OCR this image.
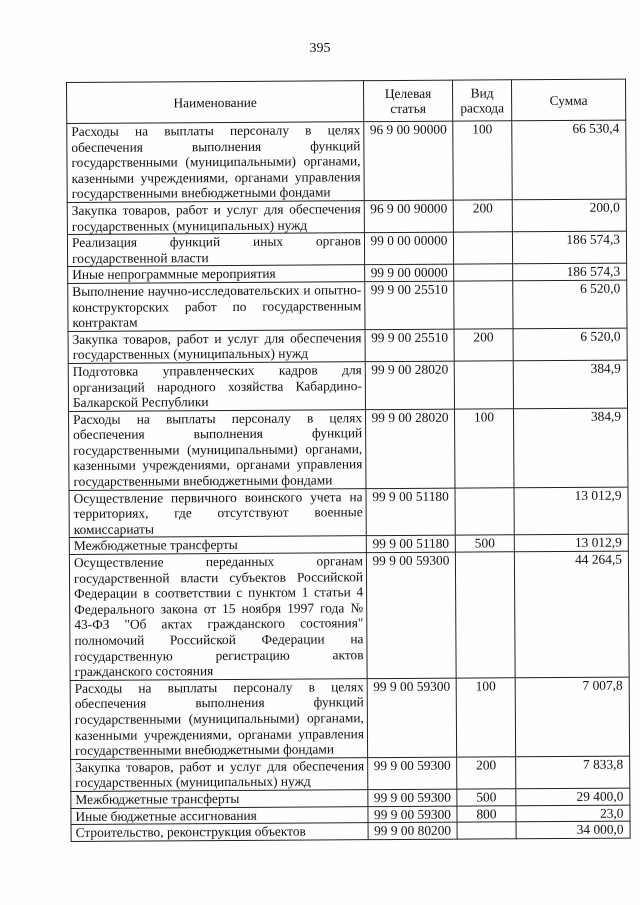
395
Наименование	Целевая статья	Вид расхода	Сумма
Расходы на выплаты персоналу в целях обеспечения выполнения функций государственными (муниципальными) органами, казенными учреждениями, органами управления государственными внебюджетными фондами	96 9 00 90000	100	66 530,4
Закупка товаров, работ и услуг для обеспечения государственных (муниципальных) нужд	96 9 00 90000	200	200,0
Реализация функций иных органов государственной власти	99 0 00 00000		186 574,3
Иные непрограммные мероприятия	99 9 00 00000		186 574,3
Выполнение научно-исследовательских и опытно-конструкторских работ по государственным контрактам	99 9 00 25510		6 520,0
Закупка товаров, работ и услуг для обеспечения государственных (муниципальных) нужд	99 9 00 25510	200	6 520,0
Подготовка управленческих кадров для организаций народного хозяйства Кабардино-Балкарской Республики	99 9 00 28020		384,9
Расходы на выплаты персоналу в целях обеспечения выполнения функций государственными (муниципальными) органами, казенными учреждениями, органами управления государственными внебюджетными фондами	99 9 00 28020	100	384,9
Осуществление первичного воинского учета на территориях, где отсутствуют военные комиссариаты	99 9 00 51180		13 012,9
Межбюджетные трансферты	99 9 00 51180	500	13 012,9
Осуществление переданных органам государственной власти субъектов Российской Федерации в соответствии с пунктом 1 статьи 4 Федерального закона от 15 ноября 1997 года № 43-ФЗ "Об актах гражданского состояния" полномочий Российской Федерации на государственную регистрацию актов гражданского состояния	99 9 00 59300		44 264,5
Расходы на выплаты персоналу в целях обеспечения выполнения функций государственными (муниципальными) органами, казенными учреждениями, органами управления государственными внебюджетными фондами	99 9 00 59300	100	7 007,8
Закупка товаров, работ и услуг для обеспечения государственных (муниципальных) нужд	99 9 00 59300	200	7 833,8
Межбюджетные трансферты	99 9 00 59300	500	29 400,0
Иные бюджетные ассигнования	99 9 00 59300	800	23,0
Строительство, реконструкция объектов	99 9 00 80200		34 000,0
